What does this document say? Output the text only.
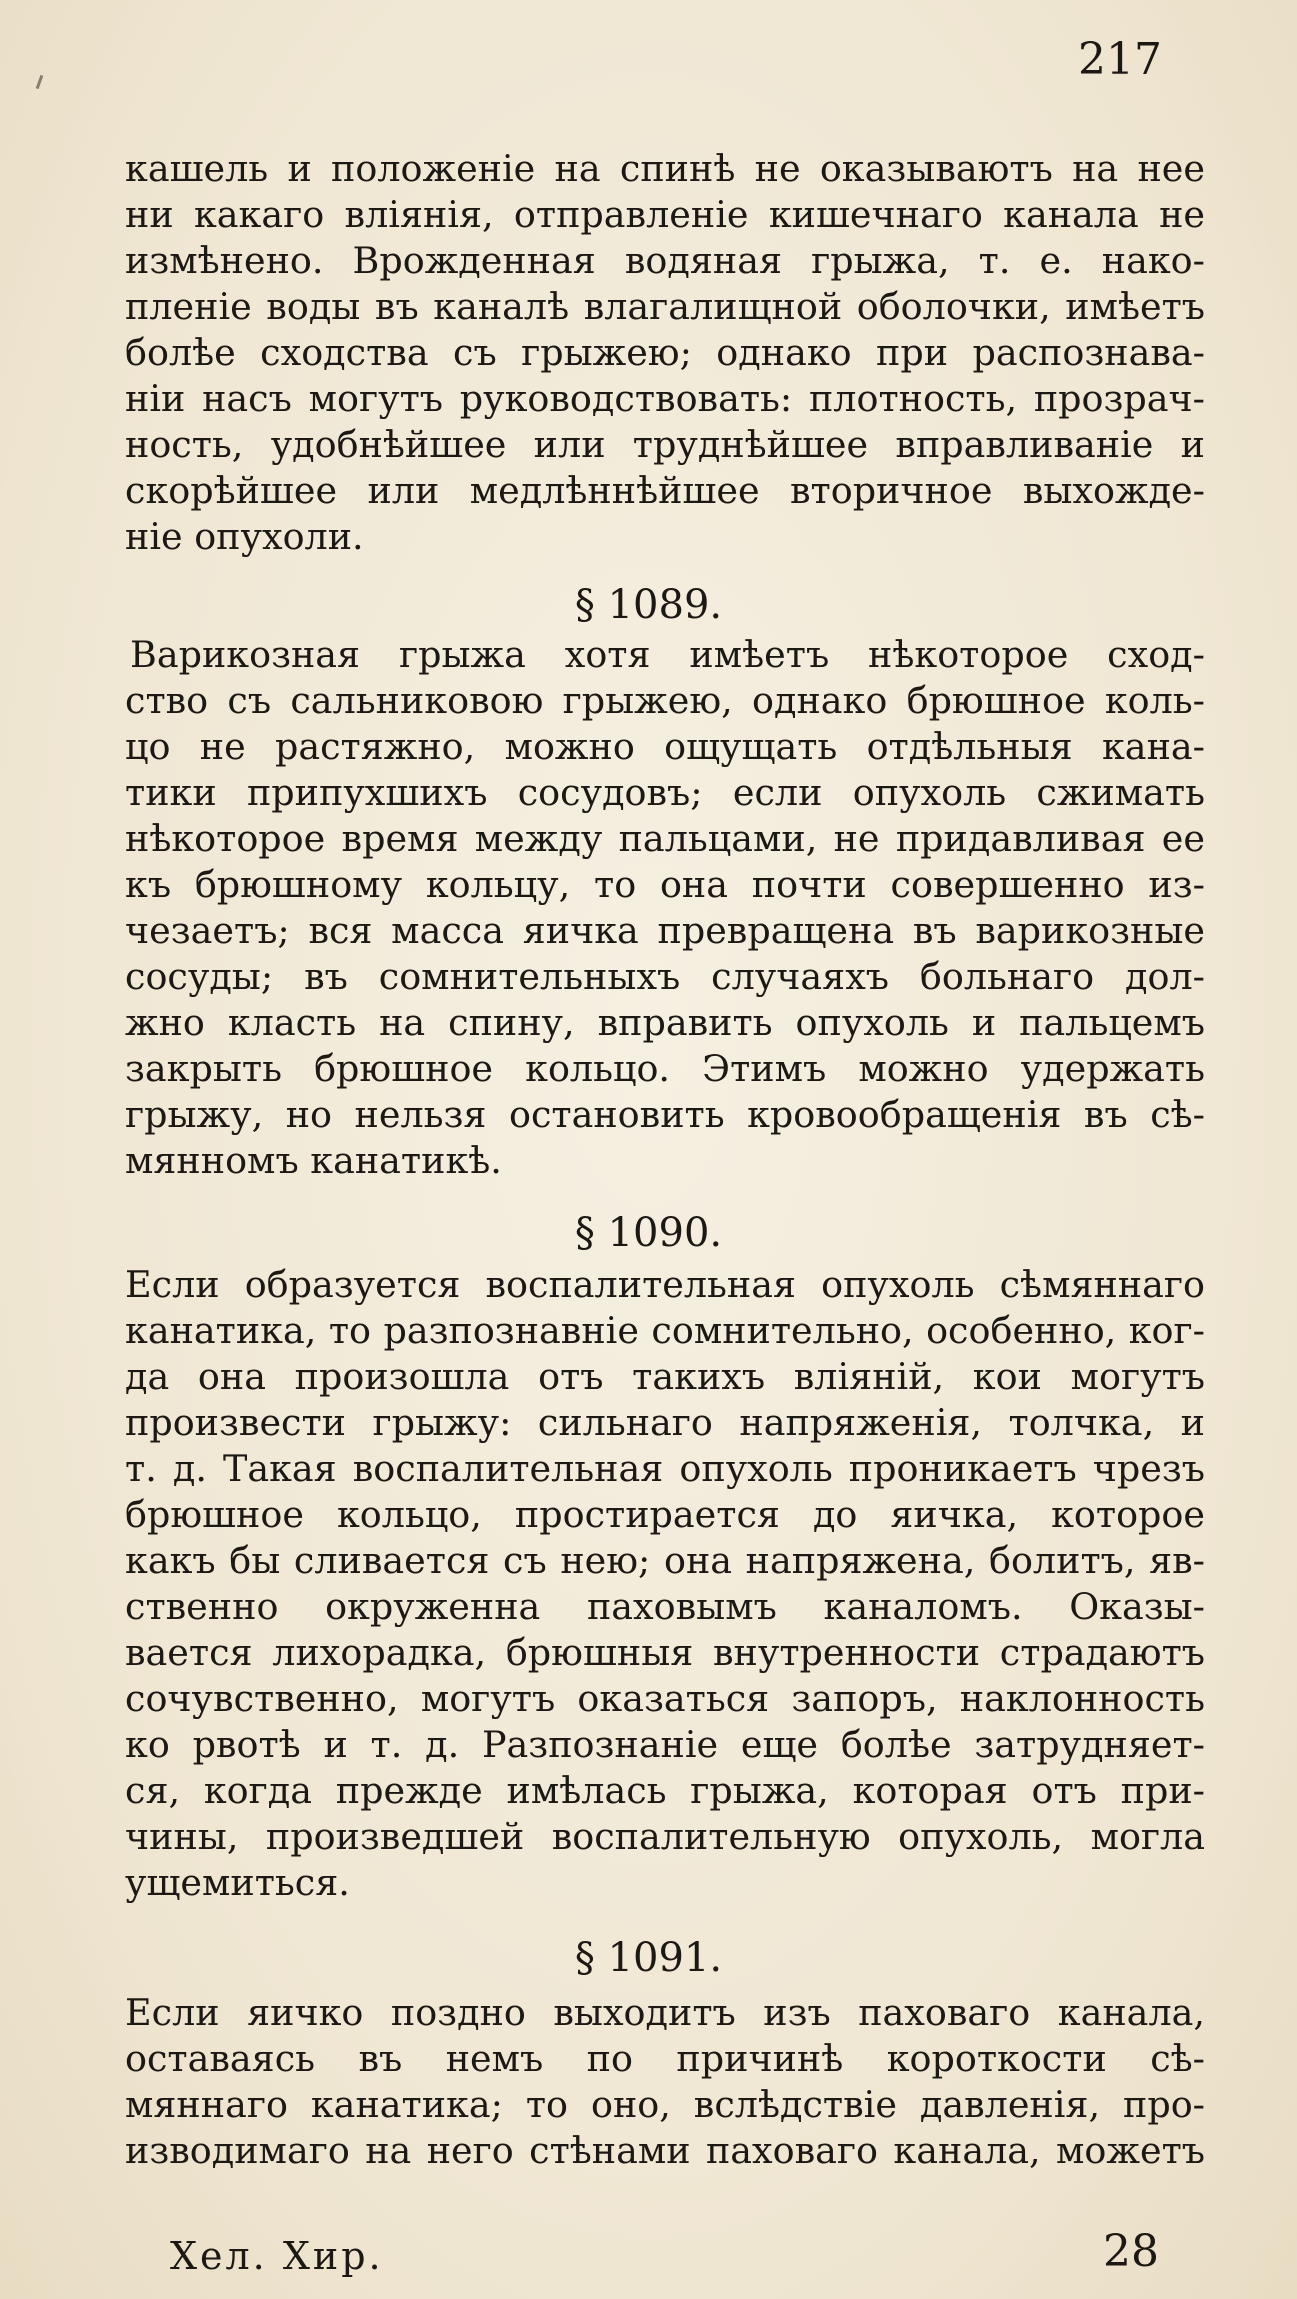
217
кашель и положеніе на спинѣ не оказываютъ на нее
ни какаго вліянія, отправленіе кишечнаго канала не
измѣнено. Врожденная водяная грыжа, т. е. нако-
пленіе воды въ каналѣ влагалищной оболочки, имѣетъ
болѣе сходства съ грыжею; однако при распознава-
ніи насъ могутъ руководствовать: плотность, прозрач-
ность, удобнѣйшее или труднѣйшее вправливаніе и
скорѣйшее или медлѣннѣйшее вторичное выхожде-
ніе опухоли.
§ 1089.
Варикозная грыжа хотя имѣетъ нѣкоторое сход-
ство съ сальниковою грыжею, однако брюшное коль-
цо не растяжно, можно ощущать отдѣльныя кана-
тики припухшихъ сосудовъ; если опухоль сжимать
нѣкоторое время между пальцами, не придавливая ее
къ брюшному кольцу, то она почти совершенно из-
чезаетъ; вся масса яичка превращена въ варикозные
сосуды; въ сомнительныхъ случаяхъ больнаго дол-
жно класть на спину, вправить опухоль и пальцемъ
закрыть брюшное кольцо. Этимъ можно удержать
грыжу, но нельзя остановить кровообращенія въ сѣ-
мянномъ канатикѣ.
§ 1090.
Если образуется воспалительная опухоль сѣмяннаго
канатика, то разпознавніе сомнительно, особенно, ког-
да она произошла отъ такихъ вліяній, кои могутъ
произвести грыжу: сильнаго напряженія, толчка, и
т. д. Такая воспалительная опухоль проникаетъ чрезъ
брюшное кольцо, простирается до яичка, которое
какъ бы сливается съ нею; она напряжена, болитъ, яв-
ственно окруженна паховымъ каналомъ. Оказы-
вается лихорадка, брюшныя внутренности страдаютъ
сочувственно, могутъ оказаться запоръ, наклонность
ко рвотѣ и т. д. Разпознаніе еще болѣе затрудняет-
ся, когда прежде имѣлась грыжа, которая отъ при-
чины, произведшей воспалительную опухоль, могла
ущемиться.
§ 1091.
Если яичко поздно выходитъ изъ паховаго канала,
оставаясь въ немъ по причинѣ короткости сѣ-
мяннаго канатика; то оно, вслѣдствіе давленія, про-
изводимаго на него стѣнами паховаго канала, можетъ
Хел. Хир.	28
